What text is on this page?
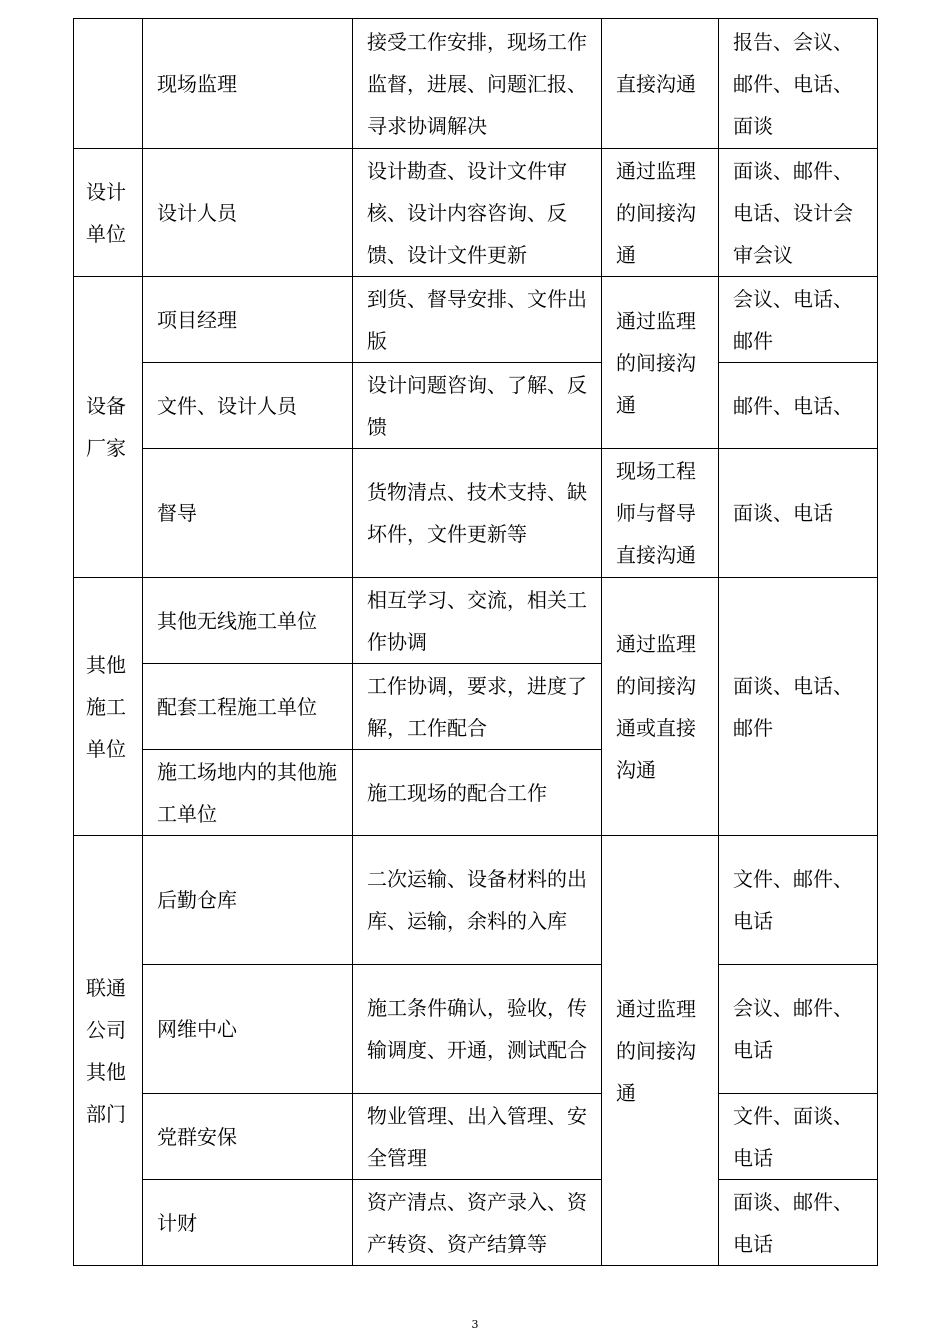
	现场监理	接受工作安排，现场工作监督，进展、问题汇报、寻求协调解决	直接沟通	报告、会议、邮件、电话、面谈
设计单位	设计人员	设计勘查、设计文件审核、设计内容咨询、反馈、设计文件更新	通过监理的间接沟通	面谈、邮件、电话、设计会审会议
设备厂家	项目经理	到货、督导安排、文件出版	通过监理的间接沟通	会议、电话、邮件
	文件、设计人员	设计问题咨询、了解、反馈		邮件、电话、
	督导	货物清点、技术支持、缺坏件，文件更新等	现场工程师与督导直接沟通	面谈、电话
其他施工单位	其他无线施工单位	相互学习、交流，相关工作协调	通过监理的间接沟通或直接沟通	面谈、电话、邮件
	配套工程施工单位	工作协调，要求，进度了解，工作配合		
	施工场地内的其他施工单位	施工现场的配合工作		
联通公司其他部门	后勤仓库	二次运输、设备材料的出库、运输，余料的入库	通过监理的间接沟通	文件、邮件、电话
	网维中心	施工条件确认，验收，传输调度、开通，测试配合		会议、邮件、电话
	党群安保	物业管理、出入管理、安全管理		文件、面谈、电话
	计财	资产清点、资产录入、资产转资、资产结算等		面谈、邮件、电话
3
